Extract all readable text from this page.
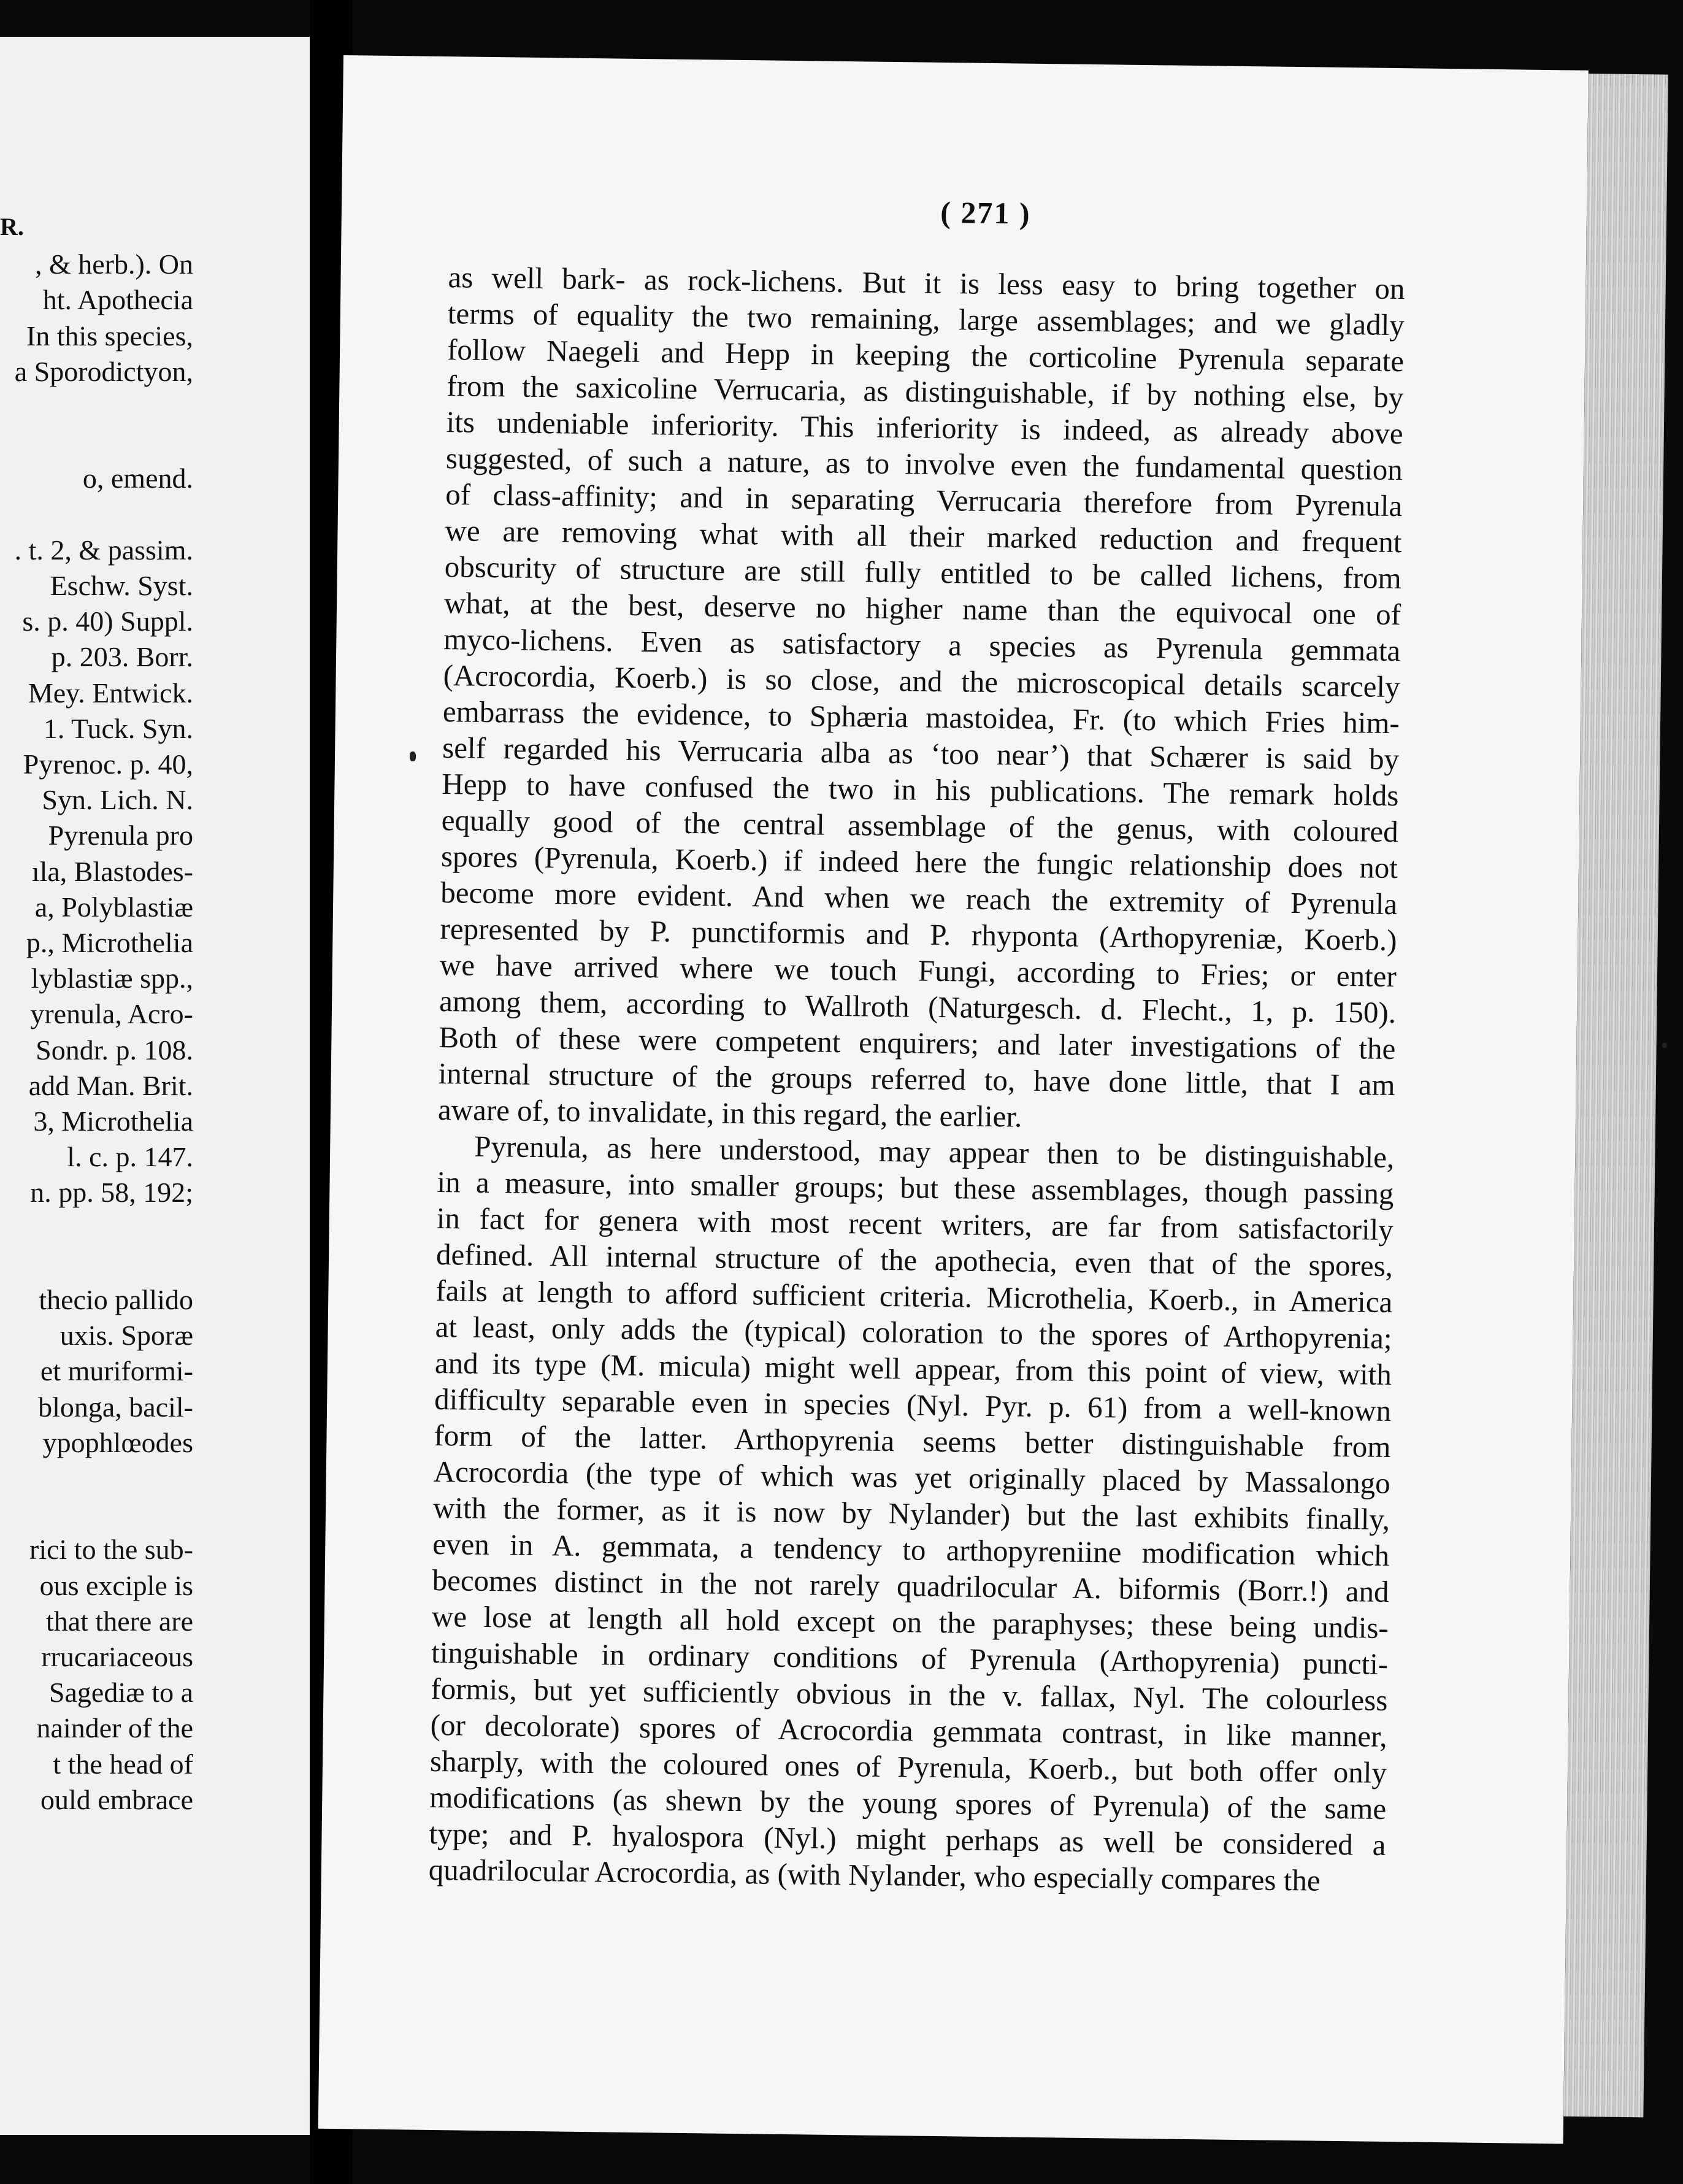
R.
, & herb.). On
ht. Apothecia
In this species,
a Sporodictyon,
o, emend.
. t. 2, & passim.
Eschw. Syst.
s. p. 40) Suppl.
p. 203. Borr.
Mey. Entwick.
1. Tuck. Syn.
Pyrenoc. p. 40,
Syn. Lich. N.
Pyrenula pro
ıla, Blastodes-
a, Polyblastiæ
p., Microthelia
lyblastiæ spp.,
yrenula, Acro-
Sondr. p. 108.
add Man. Brit.
3, Microthelia
l. c. p. 147.
n. pp. 58, 192;
thecio pallido
uxis. Sporæ
et muriformi-
blonga, bacil-
ypophlœodes
rici to the sub-
ous exciple is
that there are
rrucariaceous
Sagediæ to a
nainder of the
t the head of
ould embrace
( 271 )
as well bark- as rock-lichens. But it is less easy to bring together on
terms of equality the two remaining, large assemblages; and we gladly
follow Naegeli and Hepp in keeping the corticoline Pyrenula separate
from the saxicoline Verrucaria, as distinguishable, if by nothing else, by
its undeniable inferiority. This inferiority is indeed, as already above
suggested, of such a nature, as to involve even the fundamental question
of class-affinity; and in separating Verrucaria therefore from Pyrenula
we are removing what with all their marked reduction and frequent
obscurity of structure are still fully entitled to be called lichens, from
what, at the best, deserve no higher name than the equivocal one of
myco-lichens. Even as satisfactory a species as Pyrenula gemmata
(Acrocordia, Koerb.) is so close, and the microscopical details scarcely
embarrass the evidence, to Sphæria mastoidea, Fr. (to which Fries him-
self regarded his Verrucaria alba as ‘too near’) that Schærer is said by
Hepp to have confused the two in his publications. The remark holds
equally good of the central assemblage of the genus, with coloured
spores (Pyrenula, Koerb.) if indeed here the fungic relationship does not
become more evident. And when we reach the extremity of Pyrenula
represented by P. punctiformis and P. rhyponta (Arthopyreniæ, Koerb.)
we have arrived where we touch Fungi, according to Fries; or enter
among them, according to Wallroth (Naturgesch. d. Flecht., 1, p. 150).
Both of these were competent enquirers; and later investigations of the
internal structure of the groups referred to, have done little, that I am
aware of, to invalidate, in this regard, the earlier.
Pyrenula, as here understood, may appear then to be distinguishable,
in a measure, into smaller groups; but these assemblages, though passing
in fact for genera with most recent writers, are far from satisfactorily
defined. All internal structure of the apothecia, even that of the spores,
fails at length to afford sufficient criteria. Microthelia, Koerb., in America
at least, only adds the (typical) coloration to the spores of Arthopyrenia;
and its type (M. micula) might well appear, from this point of view, with
difficulty separable even in species (Nyl. Pyr. p. 61) from a well-known
form of the latter. Arthopyrenia seems better distinguishable from
Acrocordia (the type of which was yet originally placed by Massalongo
with the former, as it is now by Nylander) but the last exhibits finally,
even in A. gemmata, a tendency to arthopyreniine modification which
becomes distinct in the not rarely quadrilocular A. biformis (Borr.!) and
we lose at length all hold except on the paraphyses; these being undis-
tinguishable in ordinary conditions of Pyrenula (Arthopyrenia) puncti-
formis, but yet sufficiently obvious in the v. fallax, Nyl. The colourless
(or decolorate) spores of Acrocordia gemmata contrast, in like manner,
sharply, with the coloured ones of Pyrenula, Koerb., but both offer only
modifications (as shewn by the young spores of Pyrenula) of the same
type; and P. hyalospora (Nyl.) might perhaps as well be considered a
quadrilocular Acrocordia, as (with Nylander, who especially compares the
